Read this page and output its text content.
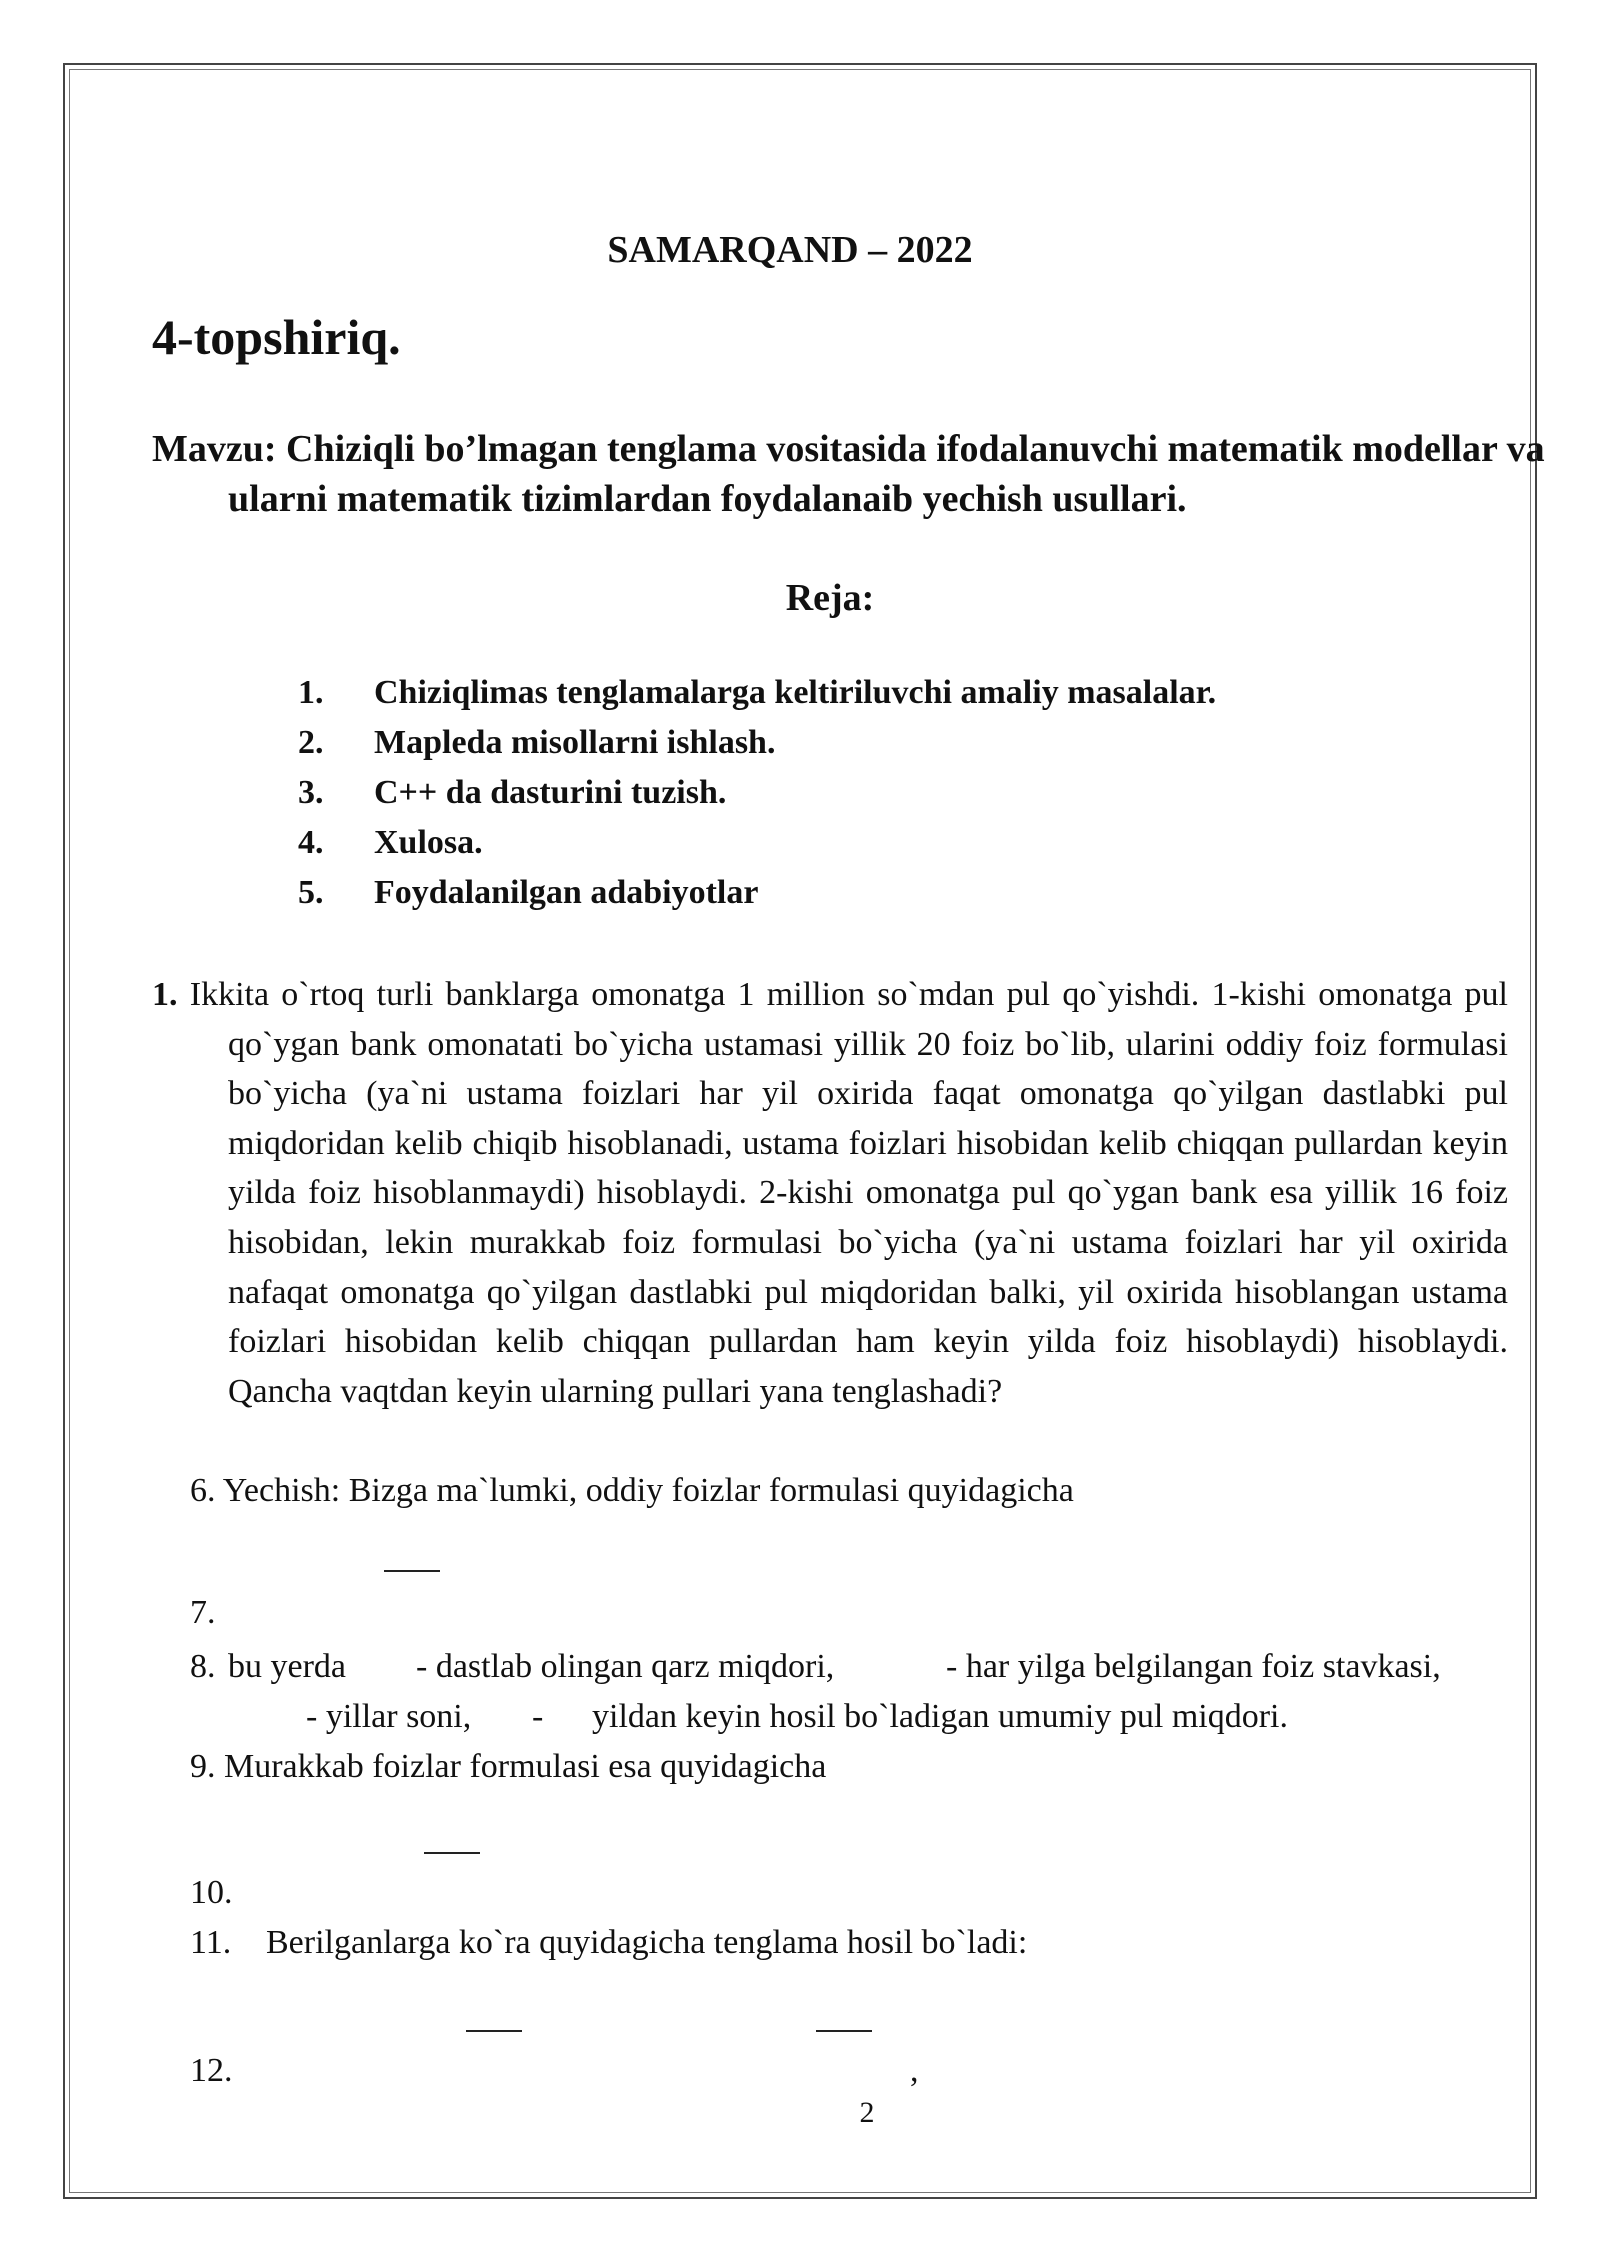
SAMARQAND – 2022
4-topshiriq.
Mavzu: Chiziqli bo’lmagan tenglama vositasida ifodalanuvchi matematik modellar va ularni matematik tizimlardan foydalanaib yechish usullari.
Reja:
1. Chiziqlimas tenglamalarga keltiriluvchi amaliy masalalar.
2. Mapleda misollarni ishlash.
3. C++ da dasturini tuzish.
4. Xulosa.
5. Foydalanilgan adabiyotlar
1. Ikkita o`rtoq turli banklarga omonatga 1 million so`mdan pul qo`yishdi. 1-kishi omonatga pul qo`ygan bank omonatati bo`yicha ustamasi yillik 20 foiz bo`lib, ularini oddiy foiz formulasi bo`yicha (ya`ni ustama foizlari har yil oxirida faqat omonatga qo`yilgan dastlabki pul miqdoridan kelib chiqib hisoblanadi, ustama foizlari hisobidan kelib chiqqan pullardan keyin yilda foiz hisoblanmaydi) hisoblaydi. 2-kishi omonatga pul qo`ygan bank esa yillik 16 foiz hisobidan, lekin murakkab foiz formulasi bo`yicha (ya`ni ustama foizlari har yil oxirida nafaqat omonatga qo`yilgan dastlabki pul miqdoridan balki, yil oxirida hisoblangan ustama foizlari hisobidan kelib chiqqan pullardan ham keyin yilda foiz hisoblaydi) hisoblaydi. Qancha vaqtdan keyin ularning pullari yana tenglashadi?
6. Yechish: Bizga ma`lumki, oddiy foizlar formulasi quyidagicha
7.
8. bu yerda - dastlab olingan qarz miqdori,	- har yilga belgilangan foiz stavkasi,
- yillar soni, - yildan keyin hosil bo`ladigan umumiy pul miqdori.
9. Murakkab foizlar formulasi esa quyidagicha
10.
11. Berilganlarga ko`ra quyidagicha tenglama hosil bo`ladi:
12.	,
2
